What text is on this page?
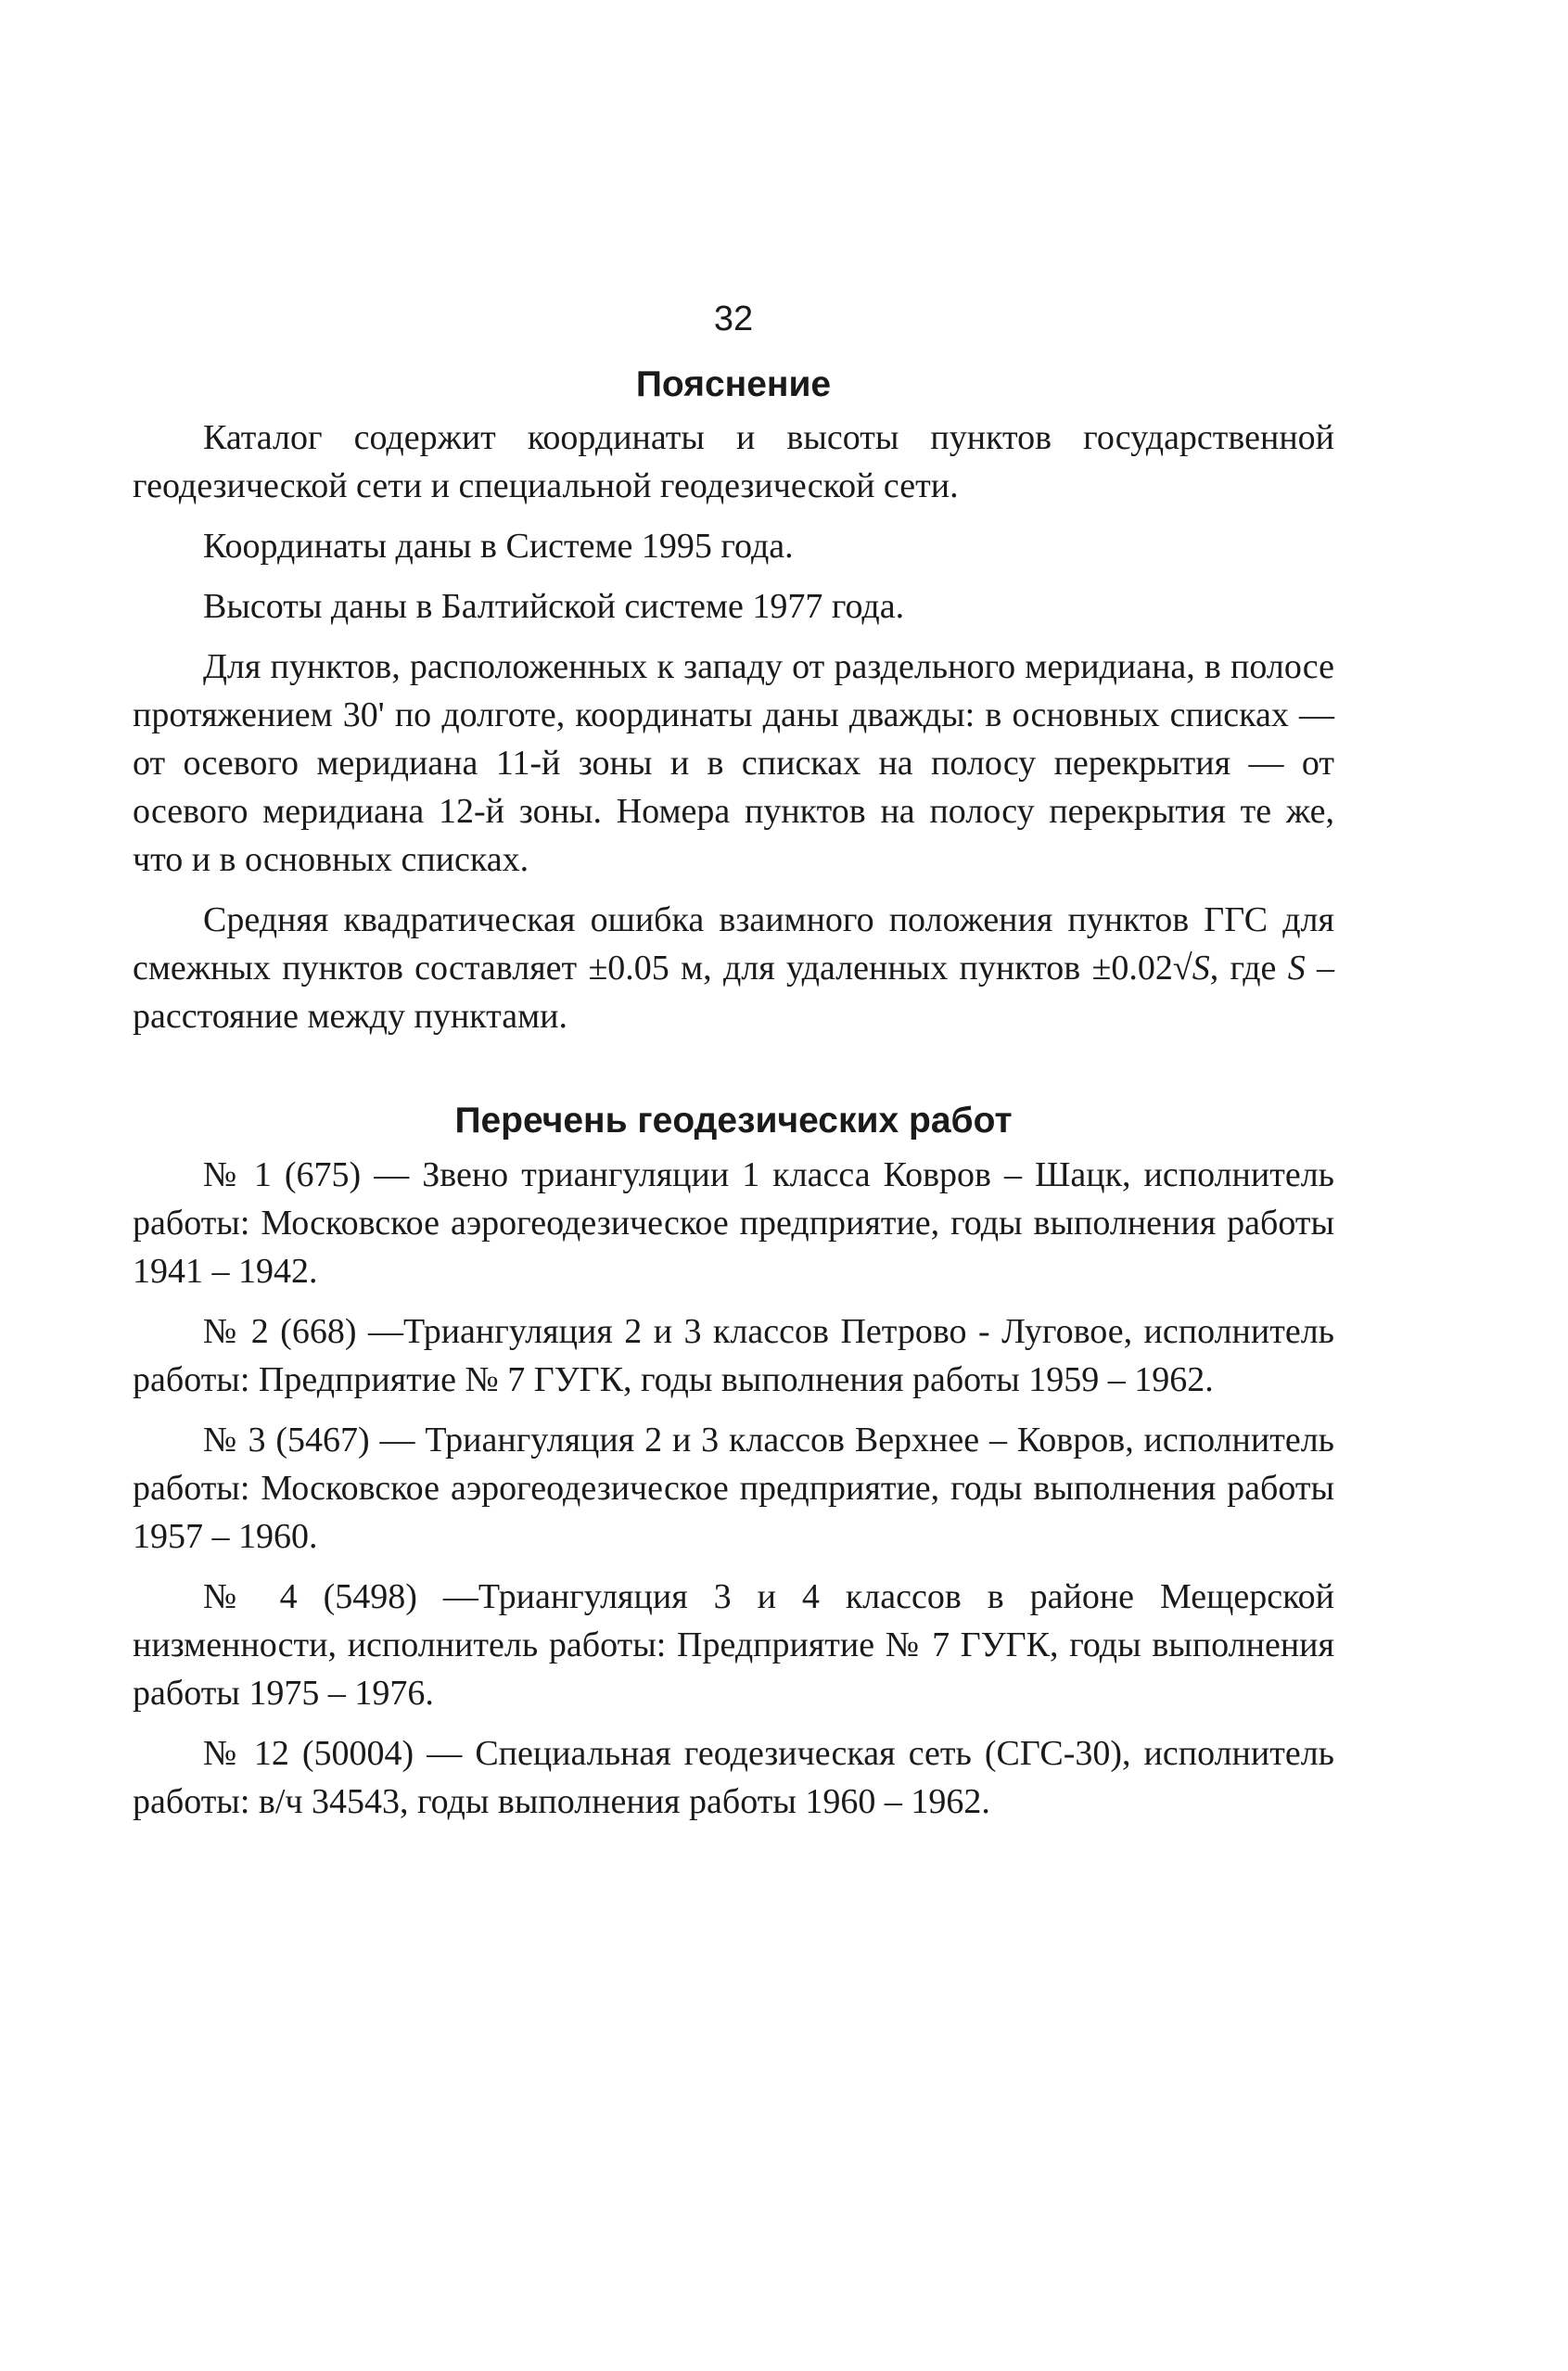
32
Пояснение

Каталог содержит координаты и высоты пунктов государственной геодезической сети и специальной геодезической сети.

Координаты даны в Системе 1995 года.

Высоты даны в Балтийской системе 1977 года.

Для пунктов, расположенных к западу от раздельного меридиана, в полосе протяжением 30' по долготе, координаты даны дважды: в основных списках — от осевого меридиана 11-й зоны и в списках на полосу перекрытия — от осевого меридиана 12-й зоны. Номера пунктов на полосу перекрытия те же, что и в основных списках.

Средняя квадратическая ошибка взаимного положения пунктов ГГС для смежных пунктов составляет ±0.05 м, для удаленных пунктов ±0.02√S, где S – расстояние между пунктами.

Перечень геодезических работ

№ 1 (675) — Звено триангуляции 1 класса Ковров – Шацк, исполнитель работы: Московское аэрогеодезическое предприятие, годы выполнения работы 1941 – 1942.

№ 2 (668) —Триангуляция 2 и 3 классов Петрово - Луговое, исполнитель работы: Предприятие № 7 ГУГК, годы выполнения работы 1959 – 1962.

№ 3 (5467) — Триангуляция 2 и 3 классов Верхнее – Ковров, исполнитель работы: Московское аэрогеодезическое предприятие, годы выполнения работы 1957 – 1960.

№ 4 (5498) —Триангуляция 3 и 4 классов в районе Мещерской низменности, исполнитель работы: Предприятие № 7 ГУГК, годы выполнения работы 1975 – 1976.

№ 12 (50004) — Специальная геодезическая сеть (СГС-30), исполнитель работы: в/ч 34543, годы выполнения работы 1960 – 1962.
